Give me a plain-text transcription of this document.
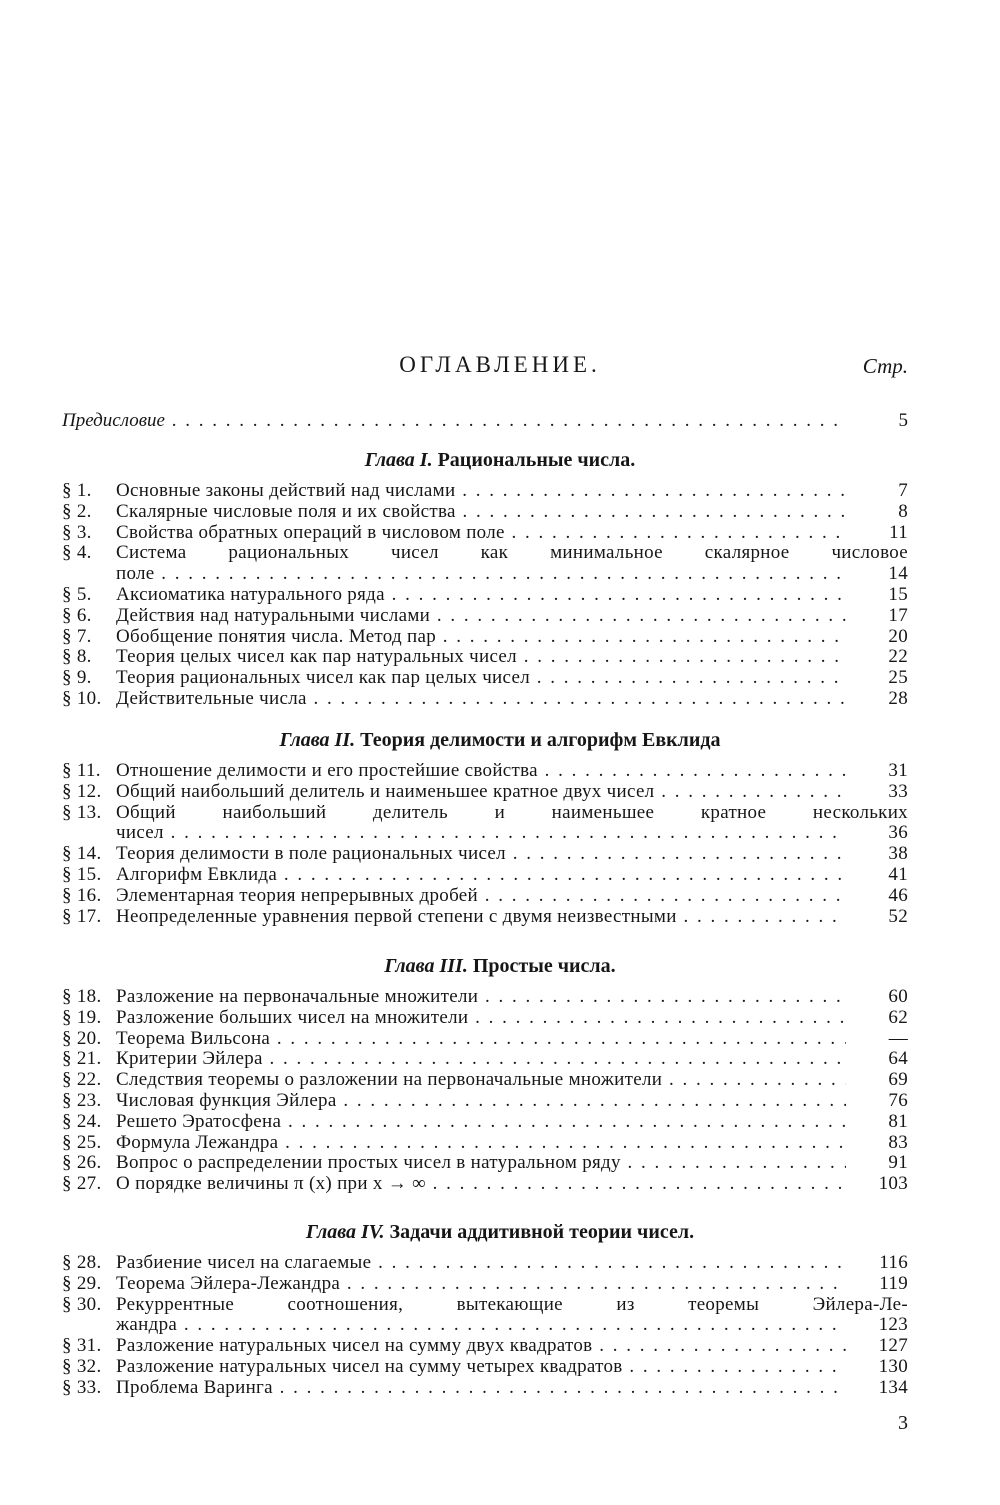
ОГЛАВЛЕНИЕ.	Стр.
Предисловие . . .	5
Глава I. Рациональные числа.
§ 1.	Основные законы действий над числами . . .	7
§ 2.	Скалярные числовые поля и их свойства . . .	8
§ 3.	Свойства обратных операций в числовом поле . . .	11
§ 4.	Система рациональных чисел как минимальное скалярное числовое
поле . . .	14
§ 5.	Аксиоматика натурального ряда . . .	15
§ 6.	Действия над натуральными числами . . .	17
§ 7.	Обобщение понятия числа. Метод пар . . .	20
§ 8.	Теория целых чисел как пар натуральных чисел . . .	22
§ 9.	Теория рациональных чисел как пар целых чисел . . .	25
§ 10. Действительные числа . . .	28
Глава II. Теория делимости и алгорифм Евклида
§ 11. Отношение делимости и его простейшие свойства . . .	31
§ 12. Общий наибольший делитель и наименьшее кратное двух чисел . . .	33
§ 13. Общий наибольший делитель и наименьшее кратное нескольких
чисел . . .	36
§ 14. Теория делимости в поле рациональных чисел . . .	38
§ 15. Алгорифм Евклида . . .	41
§ 16. Элементарная теория непрерывных дробей . . .	46
§ 17. Неопределенные уравнения первой степени с двумя неизвестными . . .	52
Глава III. Простые числа.
§ 18. Разложение на первоначальные множители . . .	60
§ 19. Разложение больших чисел на множители . . .	62
§ 20. Теорема Вильсона . . .	—
§ 21. Критерии Эйлера . . .	64
§ 22. Следствия теоремы о разложении на первоначальные множители . . .	69
§ 23. Числовая функция Эйлера . . .	76
§ 24. Решето Эратосфена . . .	81
§ 25. Формула Лежандра . . .	83
§ 26. Вопрос о распределении простых чисел в натуральном ряду . . .	91
§ 27. О порядке величины π (x) при x → ∞ . . .	103
Глава IV. Задачи аддитивной теории чисел.
§ 28. Разбиение чисел на слагаемые . . .	116
§ 29. Теорема Эйлера-Лежандра . . .	119
§ 30. Рекуррентные соотношения, вытекающие из теоремы Эйлера-Ле-
жандра . . .	123
§ 31. Разложение натуральных чисел на сумму двух квадратов . . .	127
§ 32. Разложение натуральных чисел на сумму четырех квадратов . . .	130
§ 33. Проблема Варинга . . .	134
3
